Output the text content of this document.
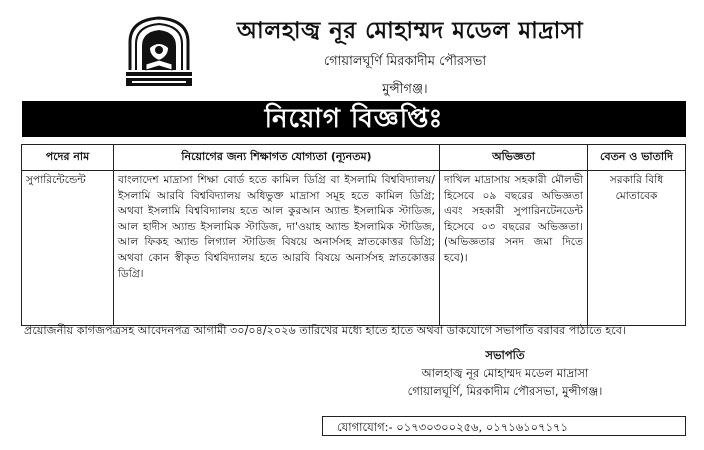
আলহাজ্ব নূর মোহাম্মদ মডেল মাদ্রাসা
গোয়ালঘূর্ণি মিরকাদীম পৌরসভা
মুন্সীগঞ্জ।
নিয়োগ বিজ্ঞপ্তিঃ
পদের নাম	নিয়োগের জন্য শিক্ষাগত যোগ্যতা (ন্যূনতম)	অভিজ্ঞতা	বেতন ও ভাতাদি
সুপারিন্টেন্ডেন্ট	বাংলাদেশ মাদ্রাসা শিক্ষা বোর্ড হতে কামিল ডিগ্রি বা ইসলামি বিশ্ববিদ্যালয়/ইসলামি আরবি বিশ্ববিদ্যালয় অধিভুক্ত মাদ্রাসা সমূহ হতে কামিল ডিগ্রি; অথবা ইসলামি বিশ্ববিদ্যালয় হতে আল কুরআন অ্যান্ড ইসলামিক স্টাডিজ, আল হাদীস অ্যান্ড ইসলামিক স্টাডিজ, দা'ওয়াহ অ্যান্ড ইসলামিক স্টাডিজ, আল ফিকহ অ্যান্ড লিগ্যাল স্টাডিজ বিষয়ে অনার্সসহ স্নাতকোত্তর ডিগ্রি; অথবা কোন স্বীকৃত বিশ্ববিদ্যালয় হতে আরবি বিষয়ে অনার্সসহ স্নাতকোত্তর ডিগ্রি।	দাখিল মাদ্রাসায় সহকারী মৌলভী হিসেবে ০৯ বছরের অভিজ্ঞতা এবং সহকারী সুপারিনটেনডেন্ট হিসেবে ০৩ বছরের অভিজ্ঞতা। (অভিজ্ঞতার সনদ জমা দিতে হবে)।	সরকারি বিধি মোতাবেক
প্রয়োজনীয় কাগজপত্রসহ আবেদনপত্র আগামী ৩০/০৪/২০২৬ তারিখের মধ্যে হাতে হাতে অথবা ডাকযোগে সভাপতি বরাবর পাঠাতে হবে।
সভাপতি
আলহাজ্ব নূর মোহাম্মদ মডেল মাদ্রাসা
গোয়ালঘূর্ণি, মিরকাদীম পৌরসভা, মুন্সীগঞ্জ।
যোগাযোগ:- ০১৭৩০৩০০২৫৬, ০১৭১৬১০৭১৭১
